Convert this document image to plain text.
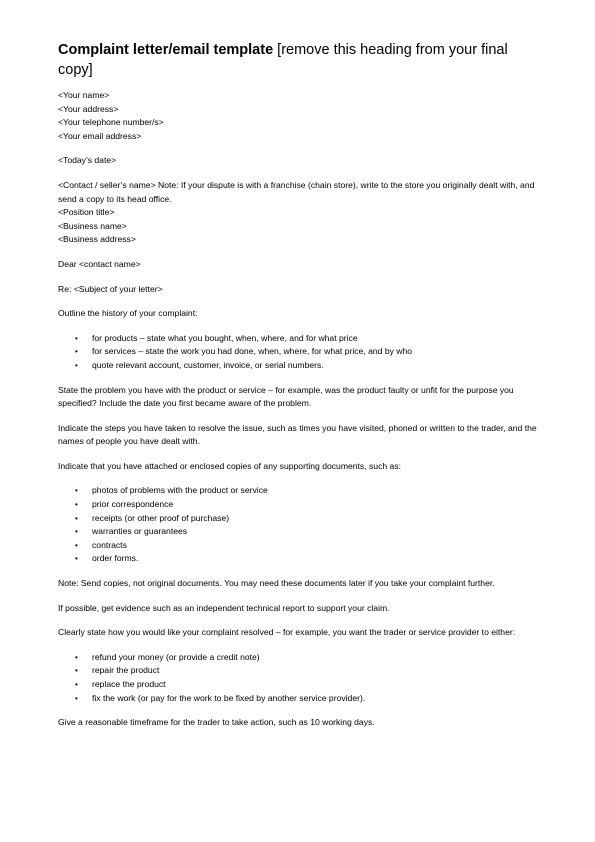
Complaint letter/email template [remove this heading from your final copy]
<Your name>
<Your address>
<Your telephone number/s>
<Your email address>

<Today’s date>

<Contact / seller’s name> Note: If your dispute is with a franchise (chain store), write to the store you originally dealt with, and send a copy to its head office.
<Position title>
<Business name>
<Business address>

Dear <contact name>

Re: <Subject of your letter>

Outline the history of your complaint:

• for products – state what you bought, when, where, and for what price
• for services – state the work you had done, when, where, for what price, and by who
• quote relevant account, customer, invoice, or serial numbers.

State the problem you have with the product or service – for example, was the product faulty or unfit for the purpose you specified? Include the date you first became aware of the problem.

Indicate the steps you have taken to resolve the issue, such as times you have visited, phoned or written to the trader, and the names of people you have dealt with.

Indicate that you have attached or enclosed copies of any supporting documents, such as:

• photos of problems with the product or service
• prior correspondence
• receipts (or other proof of purchase)
• warranties or guarantees
• contracts
• order forms.

Note: Send copies, not original documents. You may need these documents later if you take your complaint further.

If possible, get evidence such as an independent technical report to support your claim.

Clearly state how you would like your complaint resolved – for example, you want the trader or service provider to either:

• refund your money (or provide a credit note)
• repair the product
• replace the product
• fix the work (or pay for the work to be fixed by another service provider).

Give a reasonable timeframe for the trader to take action, such as 10 working days.
